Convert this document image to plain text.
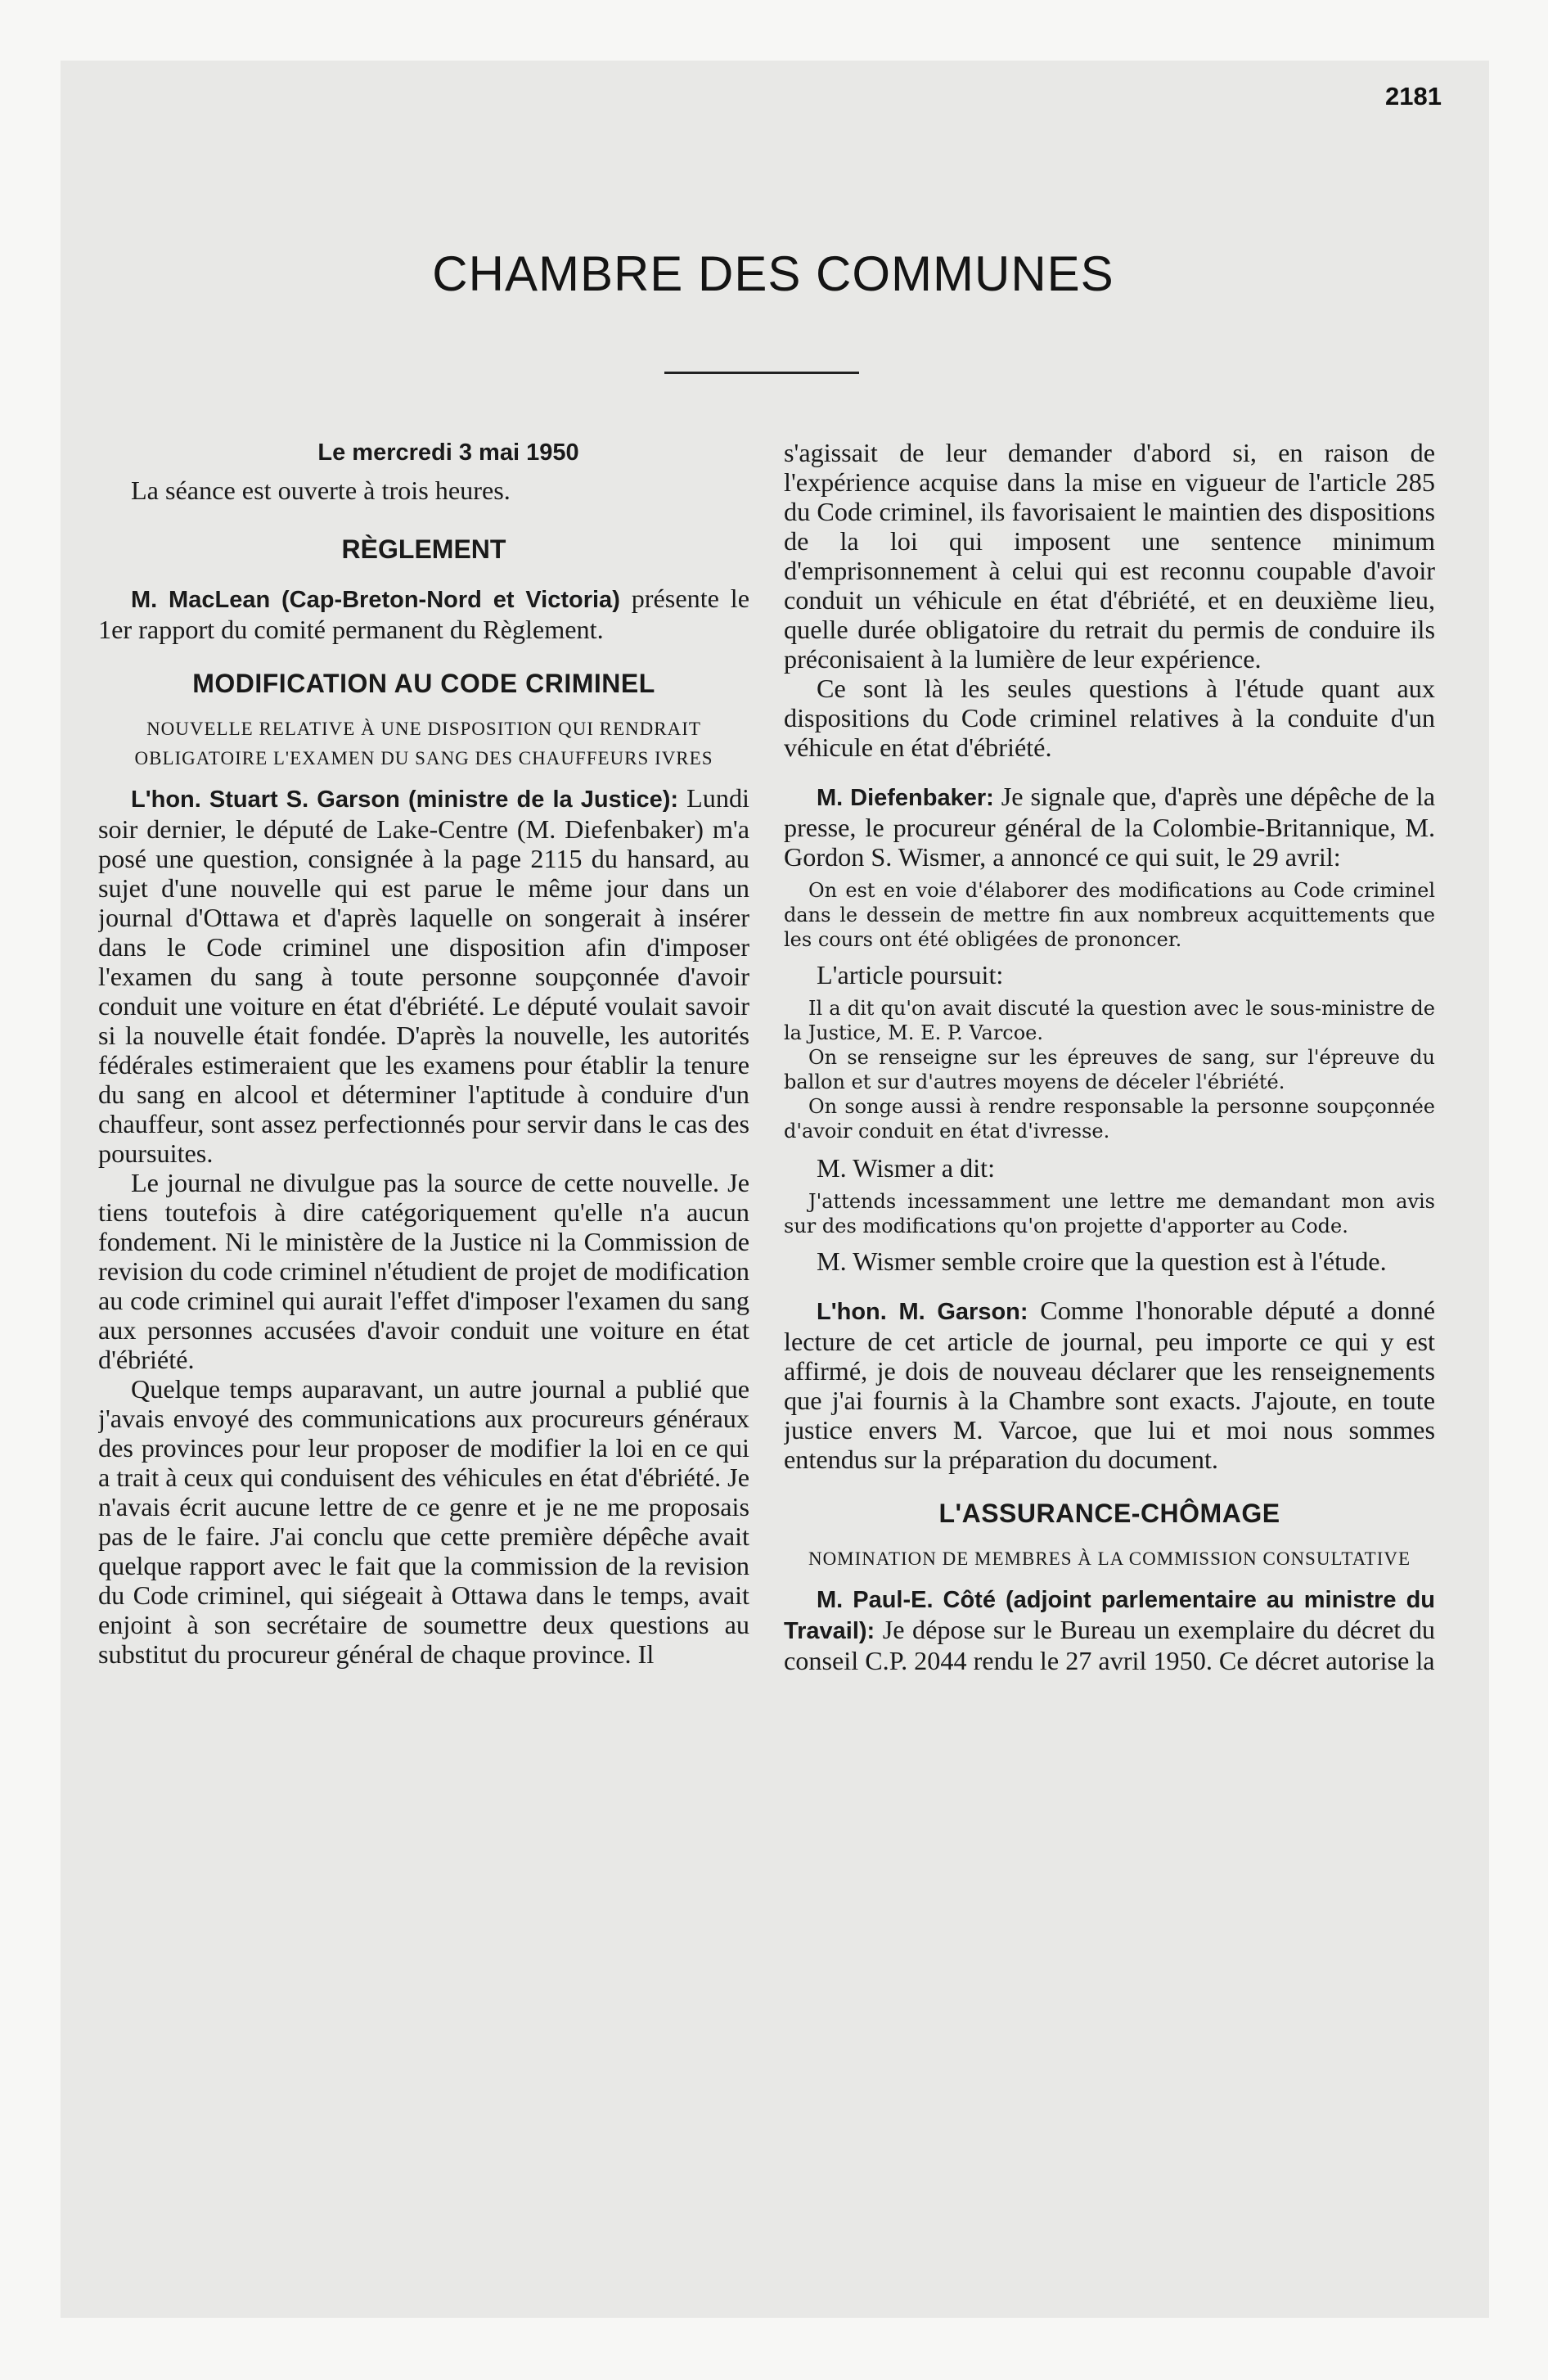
2181
CHAMBRE DES COMMUNES

Le mercredi 3 mai 1950

La séance est ouverte à trois heures.

RÈGLEMENT

M. MacLean (Cap-Breton-Nord et Victoria) présente le 1er rapport du comité permanent du Règlement.

MODIFICATION AU CODE CRIMINEL
NOUVELLE RELATIVE À UNE DISPOSITION QUI RENDRAIT OBLIGATOIRE L'EXAMEN DU SANG DES CHAUFFEURS IVRES

L'hon. Stuart S. Garson (ministre de la Justice): Lundi soir dernier, le député de Lake-Centre (M. Diefenbaker) m'a posé une question, consignée à la page 2115 du hansard, au sujet d'une nouvelle qui est parue le même jour dans un journal d'Ottawa et d'après laquelle on songerait à insérer dans le Code criminel une disposition afin d'imposer l'examen du sang à toute personne soupçonnée d'avoir conduit une voiture en état d'ébriété. Le député voulait savoir si la nouvelle était fondée. D'après la nouvelle, les autorités fédérales estimeraient que les examens pour établir la tenure du sang en alcool et déterminer l'aptitude à conduire d'un chauffeur, sont assez perfectionnés pour servir dans le cas des poursuites.

Le journal ne divulgue pas la source de cette nouvelle. Je tiens toutefois à dire catégoriquement qu'elle n'a aucun fondement. Ni le ministère de la Justice ni la Commission de revision du code criminel n'étudient de projet de modification au code criminel qui aurait l'effet d'imposer l'examen du sang aux personnes accusées d'avoir conduit une voiture en état d'ébriété.

Quelque temps auparavant, un autre journal a publié que j'avais envoyé des communications aux procureurs généraux des provinces pour leur proposer de modifier la loi en ce qui a trait à ceux qui conduisent des véhicules en état d'ébriété. Je n'avais écrit aucune lettre de ce genre et je ne me proposais pas de le faire. J'ai conclu que cette première dépêche avait quelque rapport avec le fait que la commission de la revision du Code criminel, qui siégeait à Ottawa dans le temps, avait enjoint à son secrétaire de soumettre deux questions au substitut du procureur général de chaque province. Il

s'agissait de leur demander d'abord si, en raison de l'expérience acquise dans la mise en vigueur de l'article 285 du Code criminel, ils favorisaient le maintien des dispositions de la loi qui imposent une sentence minimum d'emprisonnement à celui qui est reconnu coupable d'avoir conduit un véhicule en état d'ébriété, et en deuxième lieu, quelle durée obligatoire du retrait du permis de conduire ils préconisaient à la lumière de leur expérience.

Ce sont là les seules questions à l'étude quant aux dispositions du Code criminel relatives à la conduite d'un véhicule en état d'ébriété.

M. Diefenbaker: Je signale que, d'après une dépêche de la presse, le procureur général de la Colombie-Britannique, M. Gordon S. Wismer, a annoncé ce qui suit, le 29 avril:

On est en voie d'élaborer des modifications au Code criminel dans le dessein de mettre fin aux nombreux acquittements que les cours ont été obligées de prononcer.

L'article poursuit:

Il a dit qu'on avait discuté la question avec le sous-ministre de la Justice, M. E. P. Varcoe.

On se renseigne sur les épreuves de sang, sur l'épreuve du ballon et sur d'autres moyens de déceler l'ébriété.

On songe aussi à rendre responsable la personne soupçonnée d'avoir conduit en état d'ivresse.

M. Wismer a dit:

J'attends incessamment une lettre me demandant mon avis sur des modifications qu'on projette d'apporter au Code.

M. Wismer semble croire que la question est à l'étude.

L'hon. M. Garson: Comme l'honorable député a donné lecture de cet article de journal, peu importe ce qui y est affirmé, je dois de nouveau déclarer que les renseignements que j'ai fournis à la Chambre sont exacts. J'ajoute, en toute justice envers M. Varcoe, que lui et moi nous sommes entendus sur la préparation du document.

L'ASSURANCE-CHÔMAGE
NOMINATION DE MEMBRES À LA COMMISSION CONSULTATIVE

M. Paul-E. Côté (adjoint parlementaire au ministre du Travail): Je dépose sur le Bureau un exemplaire du décret du conseil C.P. 2044 rendu le 27 avril 1950. Ce décret autorise la
